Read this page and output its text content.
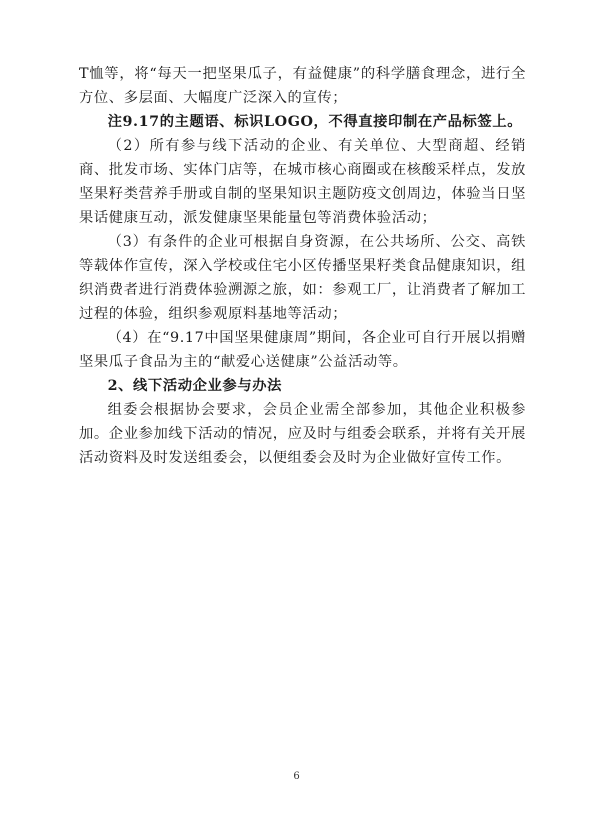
T恤等，将“每天一把坚果瓜子，有益健康”的科学膳食理念，进行全方位、多层面、大幅度广泛深入的宣传；

注9.17的主题语、标识LOGO，不得直接印制在产品标签上。

（2）所有参与线下活动的企业、有关单位、大型商超、经销商、批发市场、实体门店等，在城市核心商圈或在核酸采样点，发放坚果籽类营养手册或自制的坚果知识主题防疫文创周边，体验当日坚果话健康互动，派发健康坚果能量包等消费体验活动；

（3）有条件的企业可根据自身资源，在公共场所、公交、高铁等载体作宣传，深入学校或住宅小区传播坚果籽类食品健康知识，组织消费者进行消费体验溯源之旅，如：参观工厂，让消费者了解加工过程的体验，组织参观原料基地等活动；

（4）在“9.17中国坚果健康周”期间，各企业可自行开展以捐赠坚果瓜子食品为主的“献爱心送健康”公益活动等。

2、线下活动企业参与办法

组委会根据协会要求，会员企业需全部参加，其他企业积极参加。企业参加线下活动的情况，应及时与组委会联系，并将有关开展活动资料及时发送组委会，以便组委会及时为企业做好宣传工作。

6
